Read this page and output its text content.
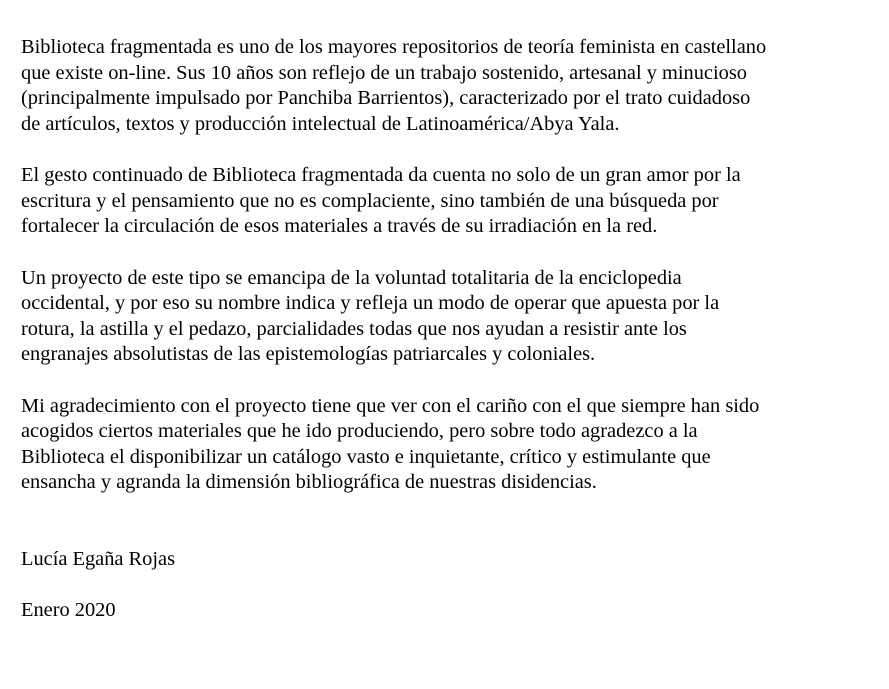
Biblioteca fragmentada es uno de los mayores repositorios de teoría feminista en castellano
que existe on-line. Sus 10 años son reflejo de un trabajo sostenido, artesanal y minucioso
(principalmente impulsado por Panchiba Barrientos), caracterizado por el trato cuidadoso
de artículos, textos y producción intelectual de Latinoamérica/Abya Yala.

El gesto continuado de Biblioteca fragmentada da cuenta no solo de un gran amor por la
escritura y el pensamiento que no es complaciente, sino también de una búsqueda por
fortalecer la circulación de esos materiales a través de su irradiación en la red.

Un proyecto de este tipo se emancipa de la voluntad totalitaria de la enciclopedia
occidental, y por eso su nombre indica y refleja un modo de operar que apuesta por la
rotura, la astilla y el pedazo, parcialidades todas que nos ayudan a resistir ante los
engranajes absolutistas de las epistemologías patriarcales y coloniales.

Mi agradecimiento con el proyecto tiene que ver con el cariño con el que siempre han sido
acogidos ciertos materiales que he ido produciendo, pero sobre todo agradezco a la
Biblioteca el disponibilizar un catálogo vasto e inquietante, crítico y estimulante que
ensancha y agranda la dimensión bibliográfica de nuestras disidencias.

Lucía Egaña Rojas

Enero 2020
